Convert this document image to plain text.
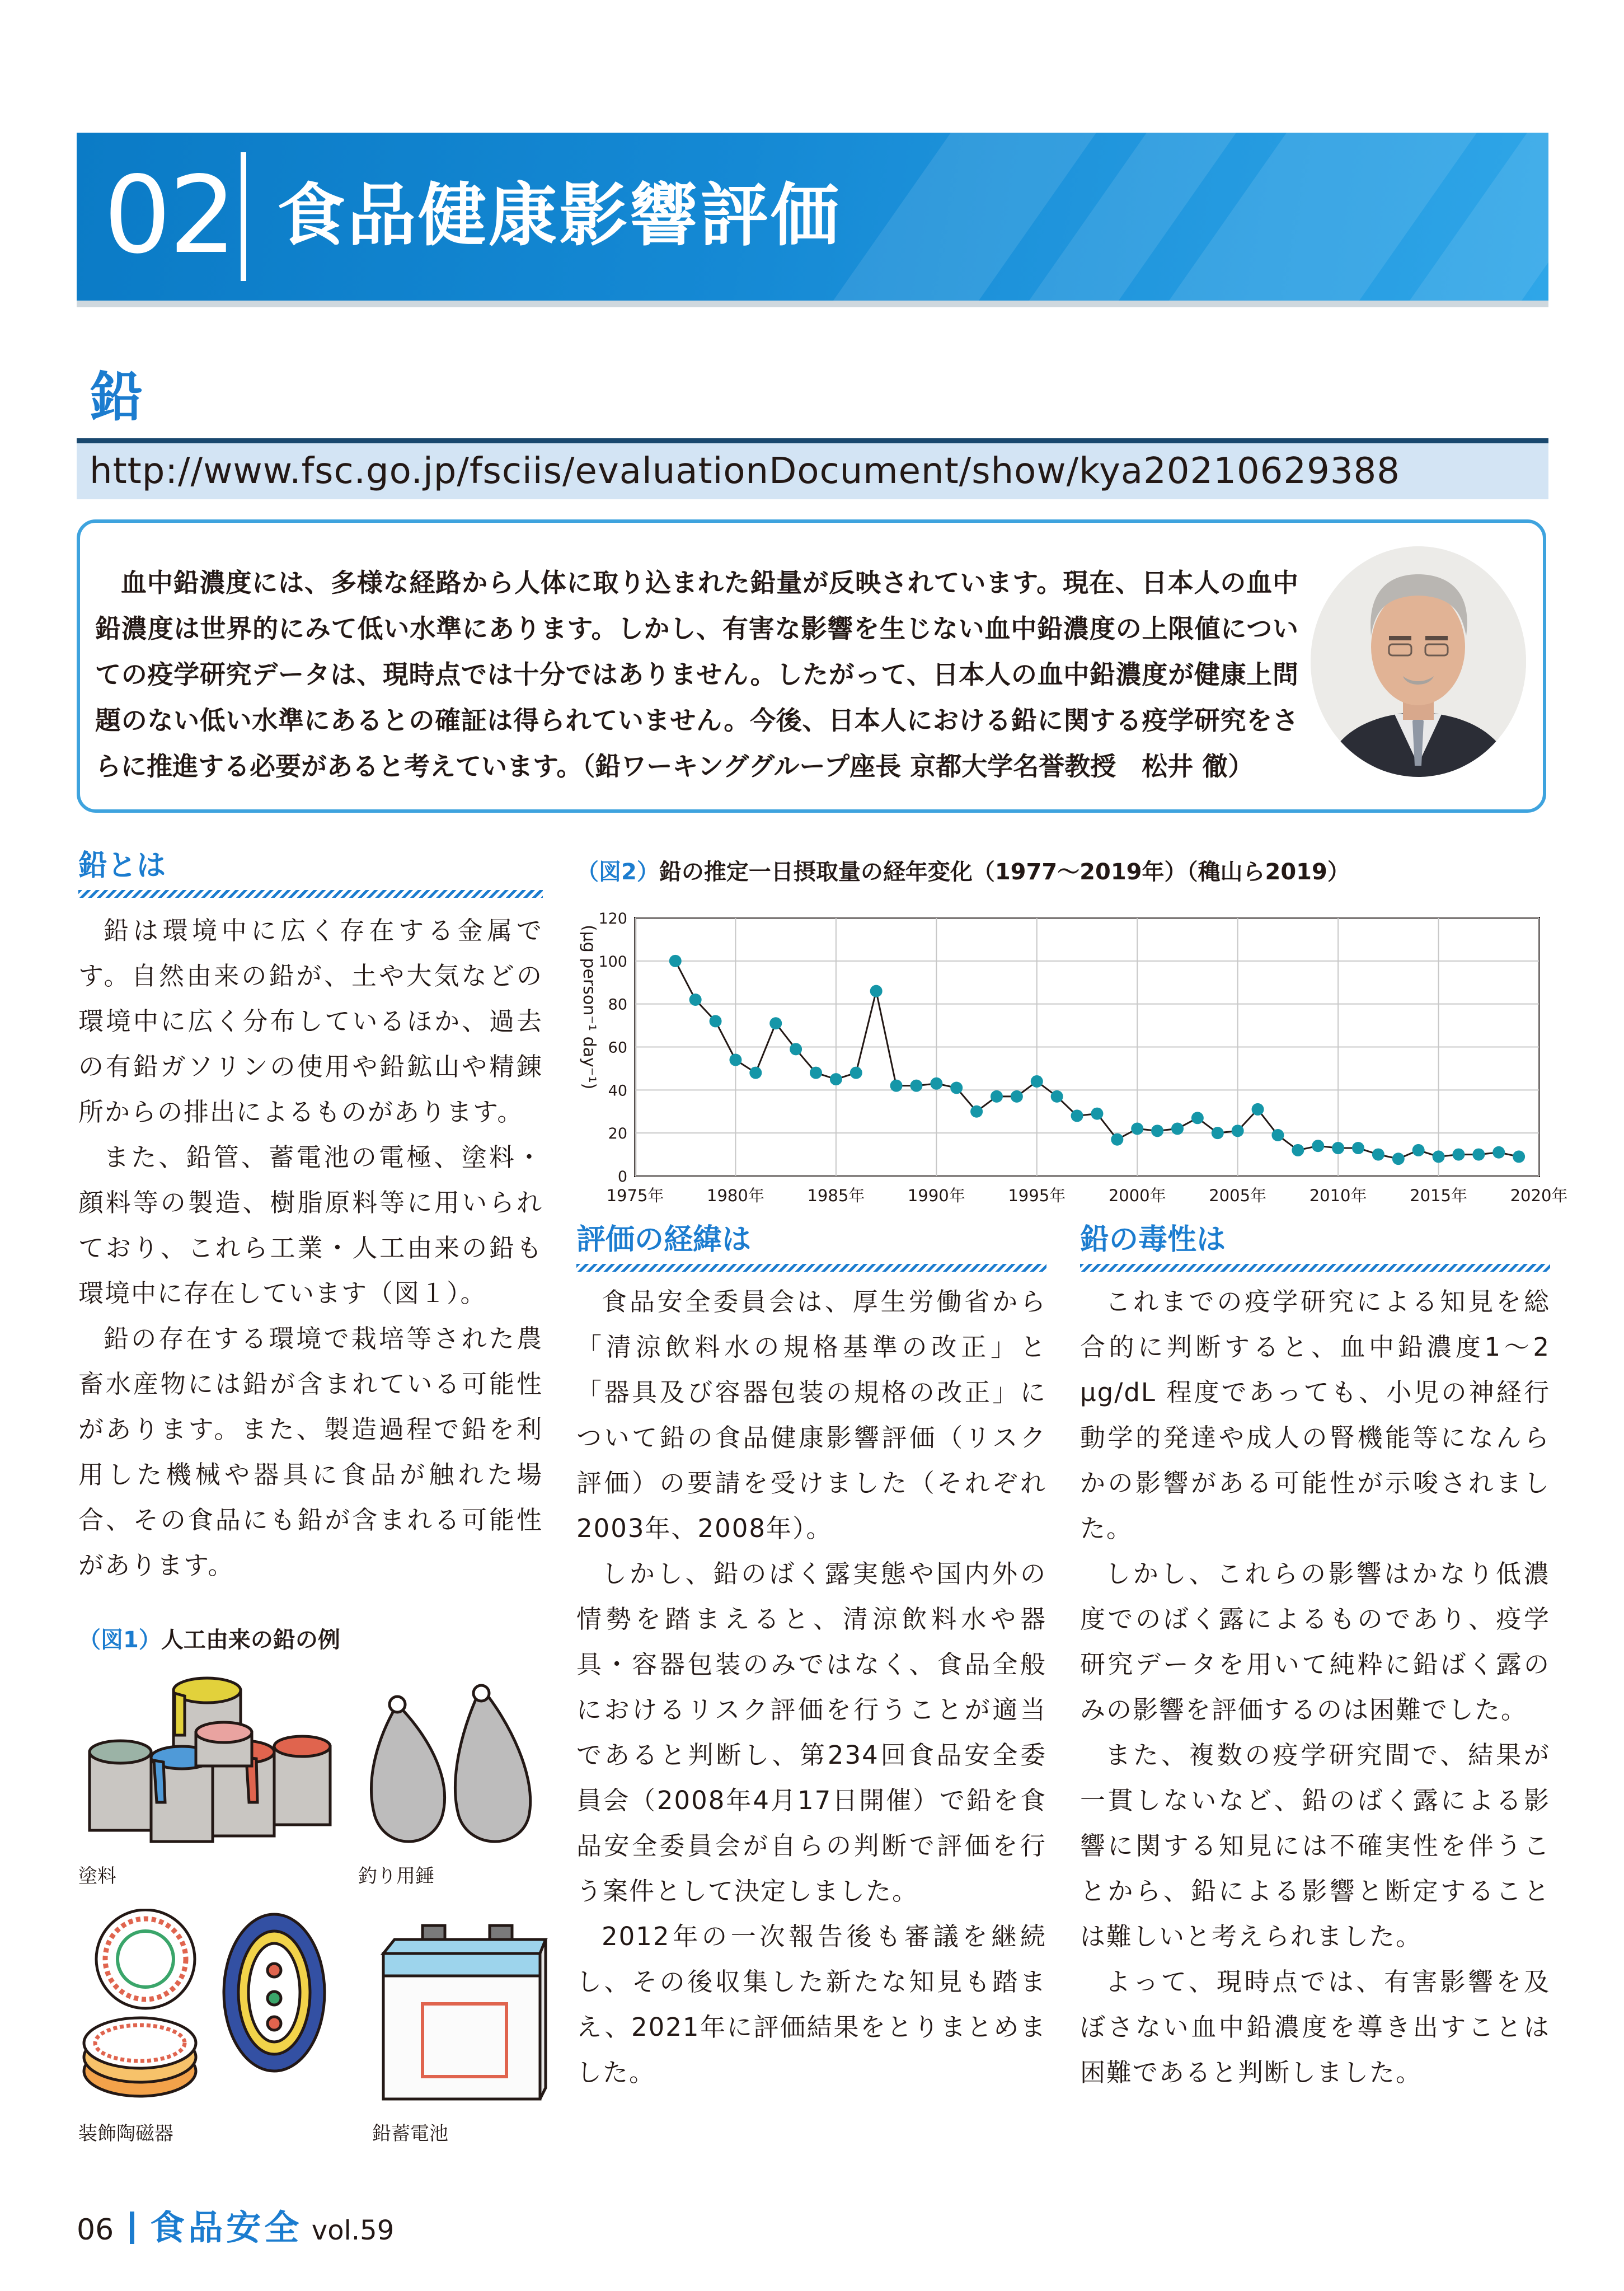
02 食品健康影響評価
鉛
http://www.fsc.go.jp/fsciis/evaluationDocument/show/kya20210629388

血中鉛濃度には、多様な経路から人体に取り込まれた鉛量が反映されています。現在、日本人の血中鉛濃度は世界的にみて低い水準にあります。しかし、有害な影響を生じない血中鉛濃度の上限値についての疫学研究データは、現時点では十分ではありません。したがって、日本人の血中鉛濃度が健康上問題のない低い水準にあるとの確証は得られていません。今後、日本人における鉛に関する疫学研究をさらに推進する必要があると考えています。（鉛ワーキンググループ座長 京都大学名誉教授　松井 徹）

鉛とは

鉛は環境中に広く存在する金属です。自然由来の鉛が、土や大気などの環境中に広く分布しているほか、過去の有鉛ガソリンの使用や鉛鉱山や精錬所からの排出によるものがあります。

また、鉛管、蓄電池の電極、塗料・顔料等の製造、樹脂原料等に用いられており、これら工業・人工由来の鉛も環境中に存在しています（図１）。

鉛の存在する環境で栽培等された農畜水産物には鉛が含まれている可能性があります。また、製造過程で鉛を利用した機械や器具に食品が触れた場合、その食品にも鉛が含まれる可能性があります。

（図1）人工由来の鉛の例
塗料	釣り用錘
装飾陶磁器	鉛蓄電池
（図2）鉛の推定一日摂取量の経年変化（1977〜2019年）（穐山ら2019）
0
20
40
60
80
100
120
1975年	1980年	1985年	1990年	1995年	2000年	2005年	2010年	2015年	2020年
(μg person⁻¹ day⁻¹)
評価の経緯は

食品安全委員会は、厚生労働省から「清涼飲料水の規格基準の改正」と「器具及び容器包装の規格の改正」について鉛の食品健康影響評価（リスク評価）の要請を受けました（それぞれ2003年、2008年）。

しかし、鉛のばく露実態や国内外の情勢を踏まえると、清涼飲料水や器具・容器包装のみではなく、食品全般におけるリスク評価を行うことが適当であると判断し、第234回食品安全委員会（2008年4月17日開催）で鉛を食品安全委員会が自らの判断で評価を行う案件として決定しました。

2012年の一次報告後も審議を継続し、その後収集した新たな知見も踏まえ、2021年に評価結果をとりまとめました。

鉛の毒性は

これまでの疫学研究による知見を総合的に判断すると、血中鉛濃度1〜2 μg/dL 程度であっても、小児の神経行動学的発達や成人の腎機能等になんらかの影響がある可能性が示唆されました。

しかし、これらの影響はかなり低濃度でのばく露によるものであり、疫学研究データを用いて純粋に鉛ばく露のみの影響を評価するのは困難でした。

また、複数の疫学研究間で、結果が一貫しないなど、鉛のばく露による影響に関する知見には不確実性を伴うことから、鉛による影響と断定することは難しいと考えられました。

よって、現時点では、有害影響を及ぼさない血中鉛濃度を導き出すことは困難であると判断しました。

06 食品安全 vol.59
